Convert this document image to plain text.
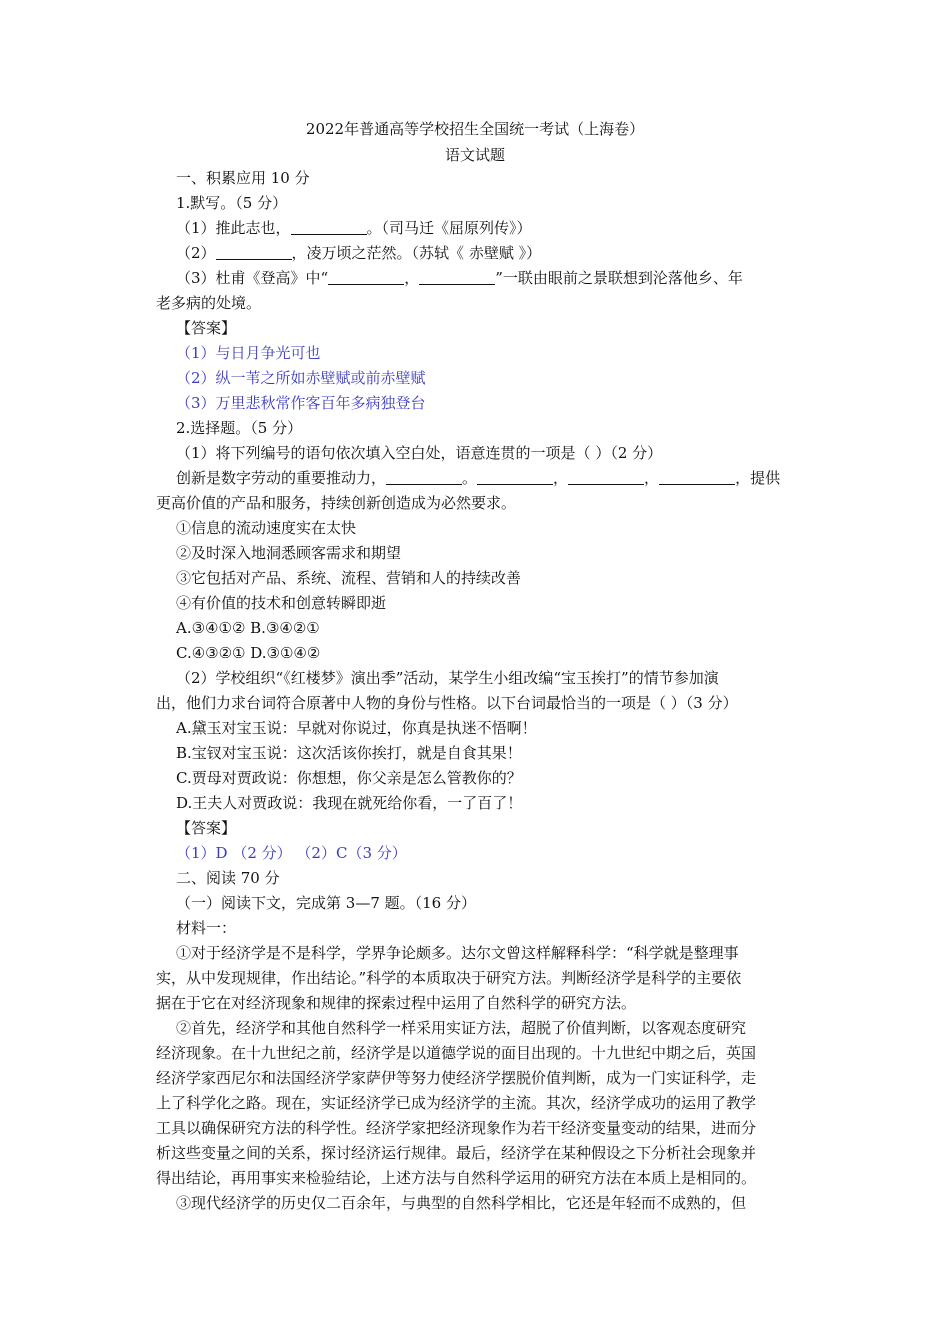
2022年普通高等学校招生全国统一考试（上海卷）
语文试题
一、积累应用 10 分
1.默写。（5 分）
（1）推此志也，	。（司马迁《屈原列传》）
（2）	，凌万顷之茫然。（苏轼《 赤壁赋 》）
（3）杜甫《登高》中“	，	”一联由眼前之景联想到沦落他乡、年
老多病的处境。
【答案】
（1）与日月争光可也
（2）纵一苇之所如赤壁赋或前赤壁赋
（3）万里悲秋常作客百年多病独登台
2.选择题。（5 分）
（1）将下列编号的语句依次填入空白处，语意连贯的一项是（ ）（2 分）
创新是数字劳动的重要推动力，	。	，	，	，提供
更高价值的产品和服务，持续创新创造成为必然要求。
①信息的流动速度实在太快
②及时深入地洞悉顾客需求和期望
③它包括对产品、系统、流程、营销和人的持续改善
④有价值的技术和创意转瞬即逝
A.③④①② B.③④②①
C.④③②① D.③①④②
（2）学校组织“《红楼梦》演出季”活动，某学生小组改编“宝玉挨打”的情节参加演
出，他们力求台词符合原著中人物的身份与性格。以下台词最恰当的一项是（ ）（3 分）
A.黛玉对宝玉说：早就对你说过，你真是执迷不悟啊！
B.宝钗对宝玉说：这次活该你挨打，就是自食其果！
C.贾母对贾政说：你想想，你父亲是怎么管教你的？
D.王夫人对贾政说：我现在就死给你看，一了百了！
【答案】
（1）D （2 分） （2）C（3 分）
二、阅读 70 分
（一）阅读下文，完成第 3—7 题。（16 分）
材料一：
①对于经济学是不是科学，学界争论颇多。达尔文曾这样解释科学：“科学就是整理事
实，从中发现规律，作出结论。”科学的本质取决于研究方法。判断经济学是科学的主要依
据在于它在对经济现象和规律的探索过程中运用了自然科学的研究方法。
②首先，经济学和其他自然科学一样采用实证方法，超脱了价值判断，以客观态度研究
经济现象。在十九世纪之前，经济学是以道德学说的面目出现的。十九世纪中期之后，英国
经济学家西尼尔和法国经济学家萨伊等努力使经济学摆脱价值判断，成为一门实证科学，走
上了科学化之路。现在，实证经济学已成为经济学的主流。其次，经济学成功的运用了教学
工具以确保研究方法的科学性。经济学家把经济现象作为若干经济变量变动的结果，进而分
析这些变量之间的关系，探讨经济运行规律。最后，经济学在某种假设之下分析社会现象并
得出结论，再用事实来检验结论，上述方法与自然科学运用的研究方法在本质上是相同的。
③现代经济学的历史仅二百余年，与典型的自然科学相比，它还是年轻而不成熟的，但
